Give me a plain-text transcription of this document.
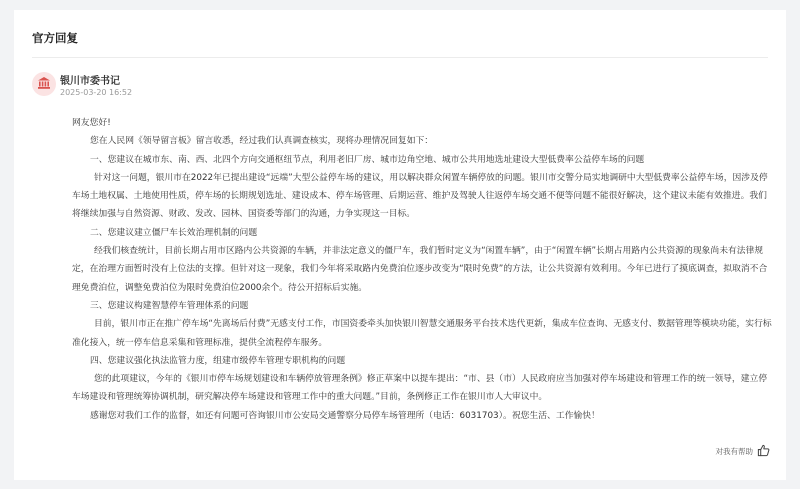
官方回复
银川市委书记
2025-03-20 16:52

网友您好!

您在人民网《领导留言板》留言收悉，经过我们认真调查核实，现将办理情况回复如下：

一、您建议在城市东、南、西、北四个方向交通枢纽节点，利用老旧厂房、城市边角空地、城市公共用地选址建设大型低费率公益停车场的问题

针对这一问题，银川市在2022年已提出建设“远端”大型公益停车场的建议，用以解决群众闲置车辆停放的问题。银川市交警分局实地调研中大型低费率公益停车场，因涉及停车场土地权属、土地使用性质，停车场的长期规划选址、建设成本、停车场管理、后期运营、维护及驾驶人往返停车场交通不便等问题不能很好解决，这个建议未能有效推进。我们将继续加强与自然资源、财政、发改、园林、国资委等部门的沟通，力争实现这一目标。

二、您建议建立僵尸车长效治理机制的问题

经我们核查统计，目前长期占用市区路内公共资源的车辆，并非法定意义的僵尸车，我们暂时定义为“闲置车辆”，由于“闲置车辆”长期占用路内公共资源的现象尚未有法律规定，在治理方面暂时没有上位法的支撑。但针对这一现象，我们今年将采取路内免费泊位逐步改变为“限时免费”的方法，让公共资源有效利用。今年已进行了摸底调查，拟取消不合理免费泊位，调整免费泊位为限时免费泊位2000余个。待公开招标后实施。

三、您建议构建智慧停车管理体系的问题

目前，银川市正在推广停车场“先离场后付费”无感支付工作，市国资委牵头加快银川智慧交通服务平台技术迭代更新，集成车位查询、无感支付、数据管理等模块功能，实行标准化接入，统一停车信息采集和管理标准，提供全流程停车服务。

四、您建议强化执法监管力度，组建市级停车管理专职机构的问题

您的此项建议，今年的《银川市停车场规划建设和车辆停放管理条例》修正草案中以提车提出：“市、县（市）人民政府应当加强对停车场建设和管理工作的统一领导，建立停车场建设和管理统筹协调机制，研究解决停车场建设和管理工作中的重大问题。”目前，条例修正工作在银川市人大审议中。

感谢您对我们工作的监督，如还有问题可咨询银川市公安局交通警察分局停车场管理所（电话：6031703）。祝您生活、工作愉快！

对我有帮助
